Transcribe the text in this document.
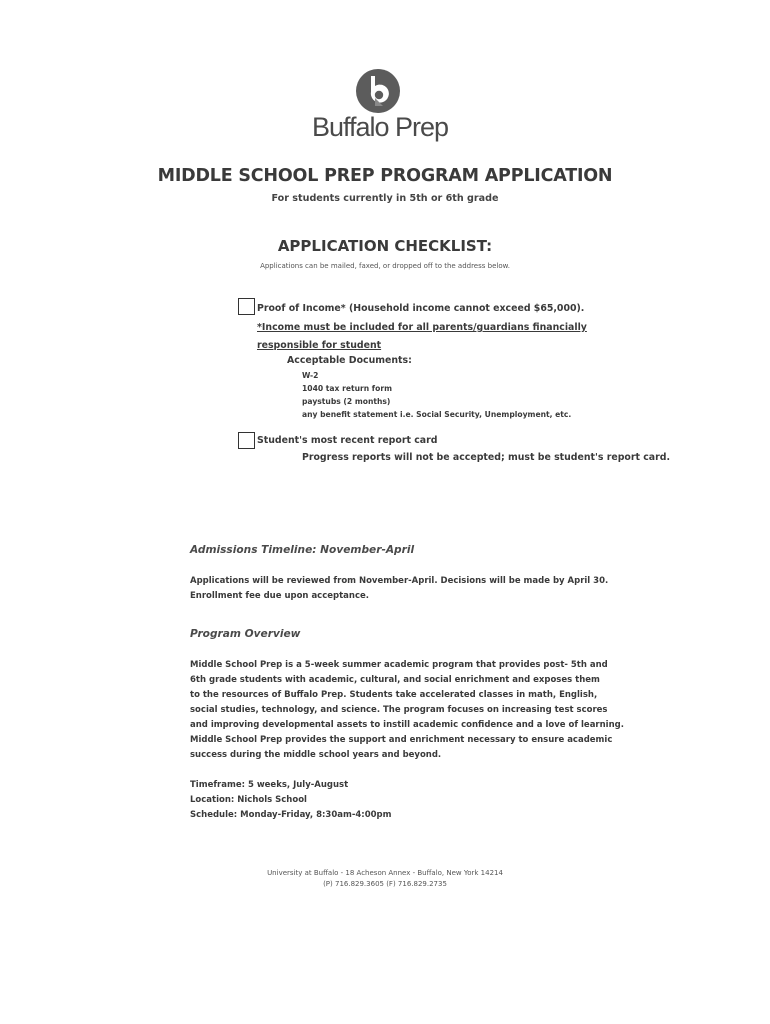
Buffalo Prep
MIDDLE SCHOOL PREP PROGRAM APPLICATION
For students currently in 5th or 6th grade
APPLICATION CHECKLIST:
Applications can be mailed, faxed, or dropped off to the address below.
Proof of Income* (Household income cannot exceed $65,000).
*Income must be included for all parents/guardians financially
responsible for student
Acceptable Documents:
W-2
1040 tax return form
paystubs (2 months)
any benefit statement i.e. Social Security, Unemployment, etc.
Student's most recent report card
Progress reports will not be accepted; must be student's report card.
Admissions Timeline: November-April
Applications will be reviewed from November-April. Decisions will be made by April 30.
Enrollment fee due upon acceptance.
Program Overview
Middle School Prep is a 5-week summer academic program that provides post- 5th and
6th grade students with academic, cultural, and social enrichment and exposes them
to the resources of Buffalo Prep. Students take accelerated classes in math, English,
social studies, technology, and science. The program focuses on increasing test scores
and improving developmental assets to instill academic confidence and a love of learning.
Middle School Prep provides the support and enrichment necessary to ensure academic
success during the middle school years and beyond.
Timeframe: 5 weeks, July-August
Location: Nichols School
Schedule: Monday-Friday, 8:30am-4:00pm
University at Buffalo - 18 Acheson Annex - Buffalo, New York 14214
(P) 716.829.3605 (F) 716.829.2735
